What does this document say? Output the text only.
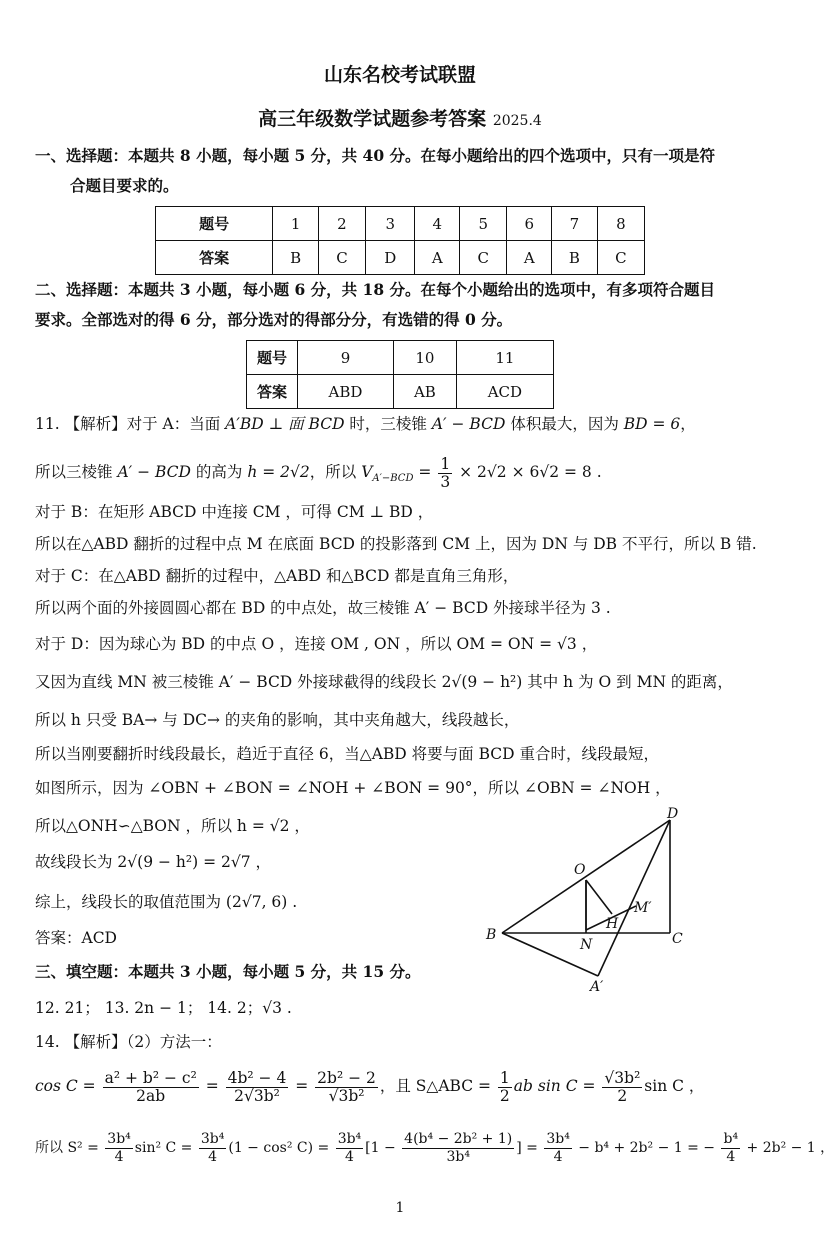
山东名校考试联盟
高三年级数学试题参考答案 2025.4
一、选择题：本题共 8 小题，每小题 5 分，共 40 分。在每小题给出的四个选项中，只有一项是符
合题目要求的。
题号	1	2	3	4	5	6	7	8
答案	B	C	D	A	C	A	B	C
二、选择题：本题共 3 小题，每小题 6 分，共 18 分。在每个小题给出的选项中，有多项符合题目
要求。全部选对的得 6 分，部分选对的得部分分，有选错的得 0 分。
题号	9	10	11
答案	ABD	AB	ACD
11. 【解析】对于 A：当面 A′BD ⊥ 面 BCD 时，三棱锥 A′ − BCD 体积最大，因为 BD = 6，
所以三棱锥 A′ − BCD 的高为 h = 2√2，所以 $V_{A'-BCD} = \frac{1}{3} \times 2√2 \times 6√2 = 8$ .
对于 B：在矩形 ABCD 中连接 CM ，可得 CM ⊥ BD ，
所以在△ABD 翻折的过程中点 M 在底面 BCD 的投影落到 CM 上，因为 DN 与 DB 不平行，所以 B 错.
对于 C：在△ABD 翻折的过程中，△ABD 和△BCD 都是直角三角形，
所以两个面的外接圆圆心都在 BD 的中点处，故三棱锥 A′ − BCD 外接球半径为 3 .
对于 D：因为球心为 BD 的中点 O ，连接 OM , ON ，所以 OM = ON = √3 ，
又因为直线 MN 被三棱锥 A′ − BCD 外接球截得的线段长 2√(9 − h²) 其中 h 为 O 到 MN 的距离，
所以 h 只受 BA→ 与 DC→ 的夹角的影响，其中夹角越大，线段越长，
所以当刚要翻折时线段最长，趋近于直径 6，当△ABD 将要与面 BCD 重合时，线段最短，
如图所示，因为 ∠OBN + ∠BON = ∠NOH + ∠BON = 90°，所以 ∠OBN = ∠NOH ，
所以△ONH∽△BON ，所以 h = √2 ，
故线段长为 2√(9 − h²) = 2√7 ，
综上，线段长的取值范围为 (2√7, 6) .
答案：ACD
D
O
M′
H
B
N	C
A′
三、填空题：本题共 3 小题，每小题 5 分，共 15 分。
12. 21； 13. 2n − 1； 14. 2；√3 .
14. 【解析】（2）方法一：
$\cos C = \frac{\text{a² + b² − c²}}{2ab} = \frac{\text{4b² − 4}}{\text{2√3b²}} = \frac{\text{2b² − 2}}{\text{√3b²}}$ ，且 S△ABC = $\frac{1}{2}$ ab $\sin C = \frac{\text{√3b²}}{2}$ sin C ，
所以 $S^2 = \frac{\text{3b⁴}}{4} \sin^2$ $C = \frac{\text{3b⁴}}{4} (1 - \cos^2$ $C) = \frac{\text{3b⁴}}{4} [1 - \frac{\text{4(b⁴ − 2b² + 1)}}{\text{3b⁴}}$ ] = $\frac{\text{3b⁴}}{4} - b^4 + 2b^2 - 1$ = − $\frac{\text{b⁴}}{4} + 2b^2 - 1$ ，
1
